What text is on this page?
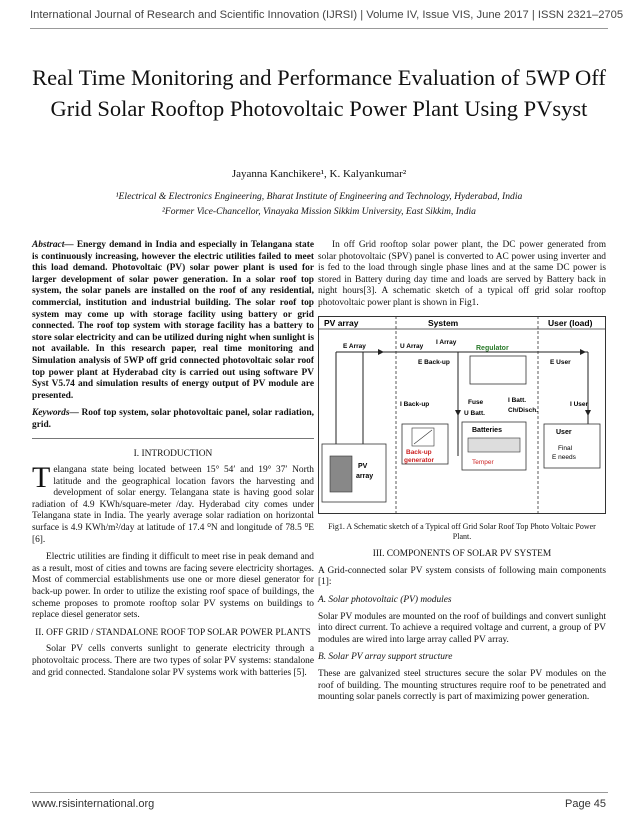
International Journal of Research and Scientific Innovation (IJRSI) | Volume IV, Issue VIS, June 2017 | ISSN 2321–2705
Real Time Monitoring and Performance Evaluation of 5WP Off Grid Solar Rooftop Photovoltaic Power Plant Using PVsyst
Jayanna Kanchikere¹, K. Kalyankumar²
¹Electrical & Electronics Engineering, Bharat Institute of Engineering and Technology, Hyderabad, India
²Former Vice-Chancellor, Vinayaka Mission Sikkim University, East Sikkim, India

Abstract— Energy demand in India and especially in Telangana state is continuously increasing, however the electric utilities failed to meet this load demand. Photovoltaic (PV) solar power plant is used for larger development of solar power generation. In a solar roof top system, the solar panels are installed on the roof of any residential, commercial, institution and industrial building. The solar roof top system may come up with storage facility using battery or grid connected. The roof top system with storage facility has a battery to store solar electricity and can be utilized during night when sunlight is not available. In this research paper, real time monitoring and Simulation analysis of 5WP off grid connected photovoltaic solar roof top power plant at Hyderabad city is carried out using software PV Syst V5.74 and simulation results of energy output of PV module are presented.

Keywords— Roof top system, solar photovoltaic panel, solar radiation, grid.

I. INTRODUCTION

Telangana state being located between 15° 54′ and 19° 37′ North latitude and the geographical location favors the harvesting and development of solar energy. Telangana state is having good solar radiation of 4.9 KWh/square-meter /day. Hyderabad city comes under Telangana state in India. The yearly average solar radiation on horizontal surface is 4.9 KWh/m²/day at latitude of 17.4 ⁰N and longitude of 78.5 ⁰E [6].

Electric utilities are finding it difficult to meet rise in peak demand and as a result, most of cities and towns are facing severe electricity shortages. Most of commercial establishments use one or more diesel generator for back-up power. In order to utilize the existing roof space of buildings, the scheme proposes to promote rooftop solar PV systems on buildings to replace diesel generator sets.

II. OFF GRID / STANDALONE ROOF TOP SOLAR POWER PLANTS

Solar PV cells converts sunlight to generate electricity through a photovoltaic process. There are two types of solar PV systems: standalone and grid connected. Standalone solar PV systems work with batteries [5].

In off Grid rooftop solar power plant, the DC power generated from solar photovoltaic (SPV) panel is converted to AC power using inverter and is fed to the load through single phase lines and at the same DC power is stored in Battery during day time and loads are served by Battery back in night hours[3]. A schematic sketch of a typical off grid solar rooftop photovoltaic power plant is shown in Fig1.

PV array	System	User (load)
Regulator
E Array	U Array
I Array
E Back-up	E User
I Back-up	Fuse
U Batt.
I Batt.
Ch/Disch.
I User
PV
array
Back-up
generator
Batteries
Temper
User
Final
E needs
Fig1. A Schematic sketch of a Typical off Grid Solar Roof Top Photo Voltaic Power Plant.
III. COMPONENTS OF SOLAR PV SYSTEM

A Grid-connected solar PV system consists of following main components [1]:

A. Solar photovoltaic (PV) modules

Solar PV modules are mounted on the roof of buildings and convert sunlight into direct current. To achieve a required voltage and current, a group of PV modules are wired into large array called PV array.

B. Solar PV array support structure

These are galvanized steel structures secure the solar PV modules on the roof of building. The mounting structures require roof to be penetrated and mounting solar panels correctly is part of maximizing power generation.

www.rsisinternational.org	Page 45
